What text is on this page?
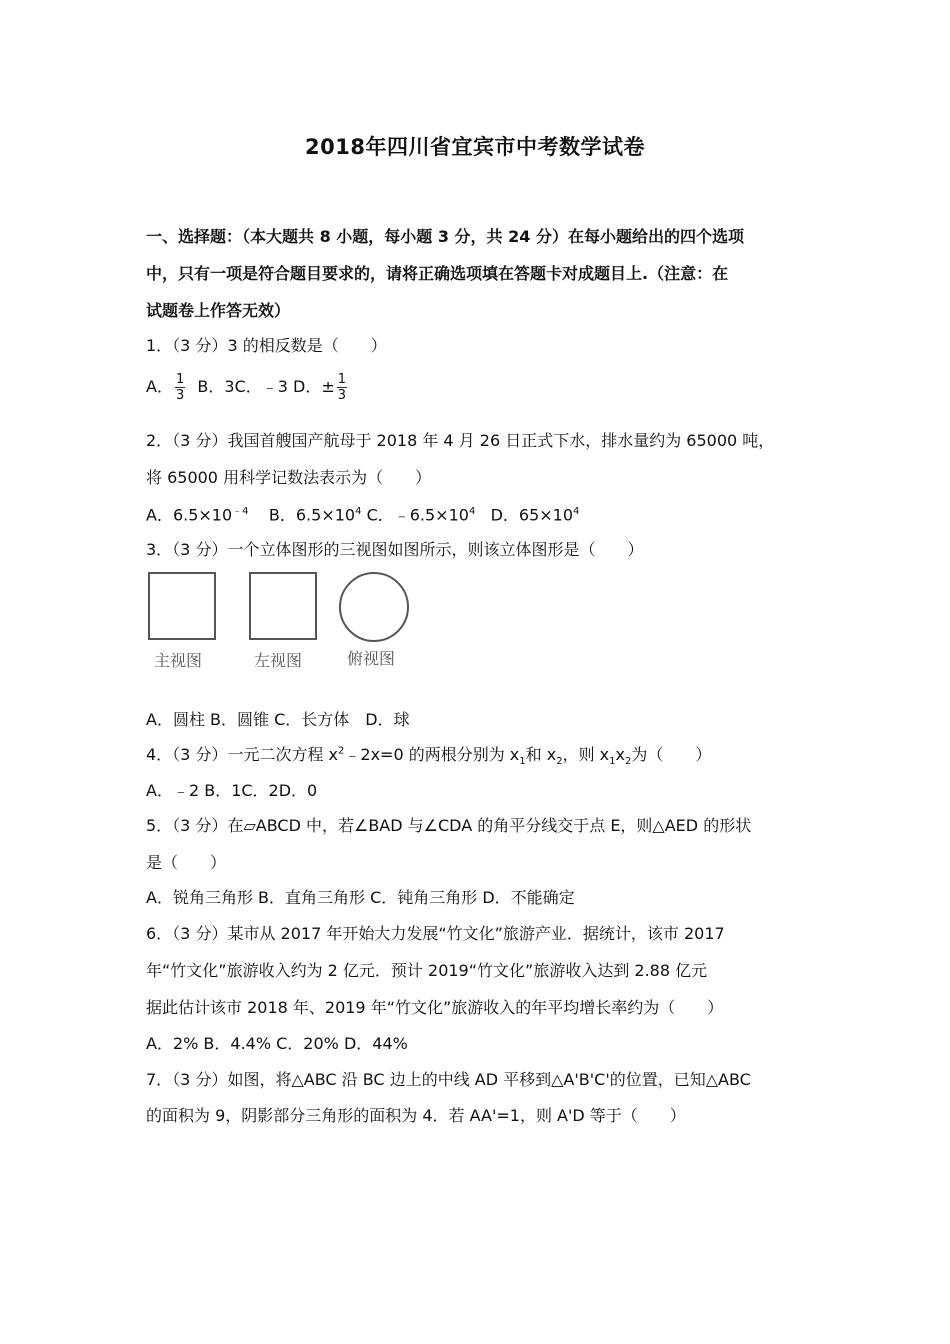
2018年四川省宜宾市中考数学试卷
一、选择题：（本大题共 8 小题，每小题 3 分，共 24 分）在每小题给出的四个选项
中，只有一项是符合题目要求的，请将正确选项填在答题卡对成题目上.（注意：在
试题卷上作答无效）
1．（3 分）3 的相反数是（　　）
A． $\frac{1}{3}$ B．3C．﹣3 D．± $\frac{1}{3}$
2．（3 分）我国首艘国产航母于 2018 年 4 月 26 日正式下水，排水量约为 65000 吨，
将 65000 用科学记数法表示为（　　）
A．$6.5\times 10^{﹣4}$ B．$6.5\times 10^4$ C．$﹣6.5\times 10^4$ D．$65\times 10^4$
3．（3 分）一个立体图形的三视图如图所示，则该立体图形是（　　）
主视图	左视图	俯视图
A．圆柱 B．圆锥 C．长方体　D．球
4．（3 分）一元二次方程 $x^2﹣2x=0$ 的两根分别为 $x_1$和 $x_2$，则 $x_1x_2$为（　　）
A．﹣2 B．1C．2D．0
5．（3 分）在▱ABCD 中，若∠BAD 与∠CDA 的角平分线交于点 E，则△AED 的形状
是（　　）
A．锐角三角形 B．直角三角形 C．钝角三角形 D．不能确定
6．（3 分）某市从 2017 年开始大力发展“竹文化”旅游产业．据统计，该市 2017
年“竹文化”旅游收入约为 2 亿元．预计 2019“竹文化”旅游收入达到 2.88 亿元
据此估计该市 2018 年、2019 年“竹文化”旅游收入的年平均增长率约为（　　）
A．2% B．4.4% C．20% D．44%
7．（3 分）如图，将△ABC 沿 BC 边上的中线 AD 平移到△A'B'C'的位置，已知△ABC
的面积为 9，阴影部分三角形的面积为 4．若 AA'=1，则 A'D 等于（　　）
